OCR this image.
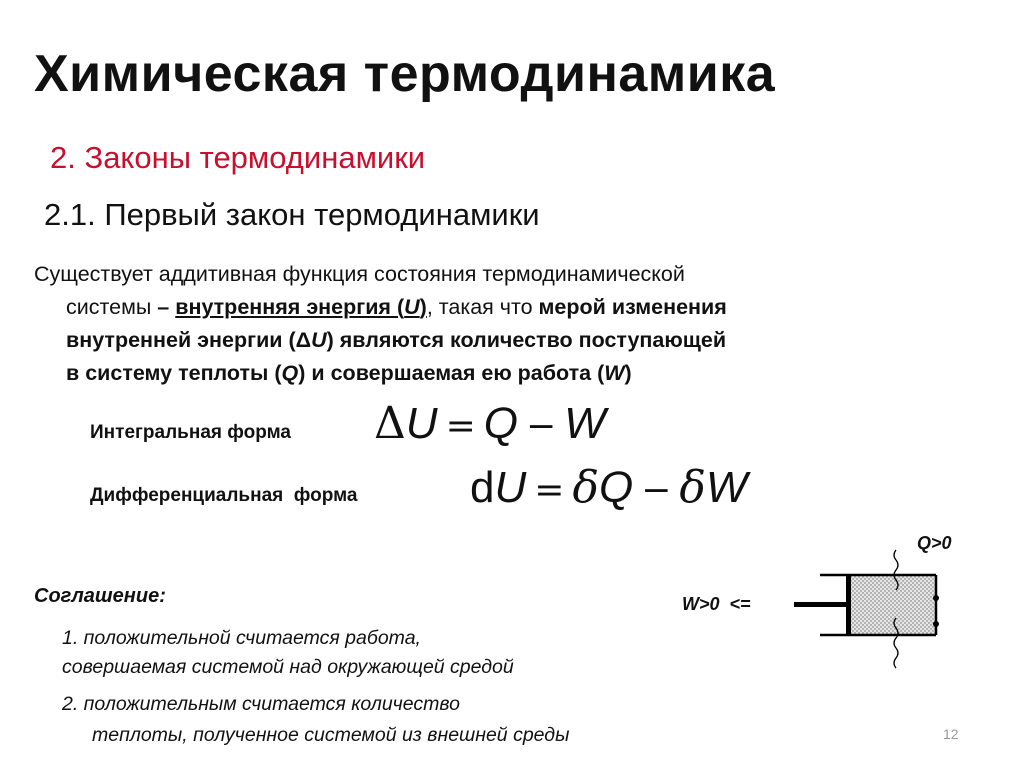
Химическая термодинамика
2. Законы термодинамики
2.1. Первый закон термодинамики
Существует аддитивная функция состояния термодинамической
системы – внутренняя энергия (U), такая что мерой изменения
внутренней энергии (ΔU) являются количество поступающей
в систему теплоты (Q) и совершаемая ею работа (W)
Интегральная форма ΔU = Q − W
Дифференциальная  форма	dU = δQ − δW
Соглашение:
1. положительной считается работа,
совершаемая системой над окружающей средой
2. положительным считается количество
теплоты, полученное системой из внешней среды
Q>0
W>0  <=
12
